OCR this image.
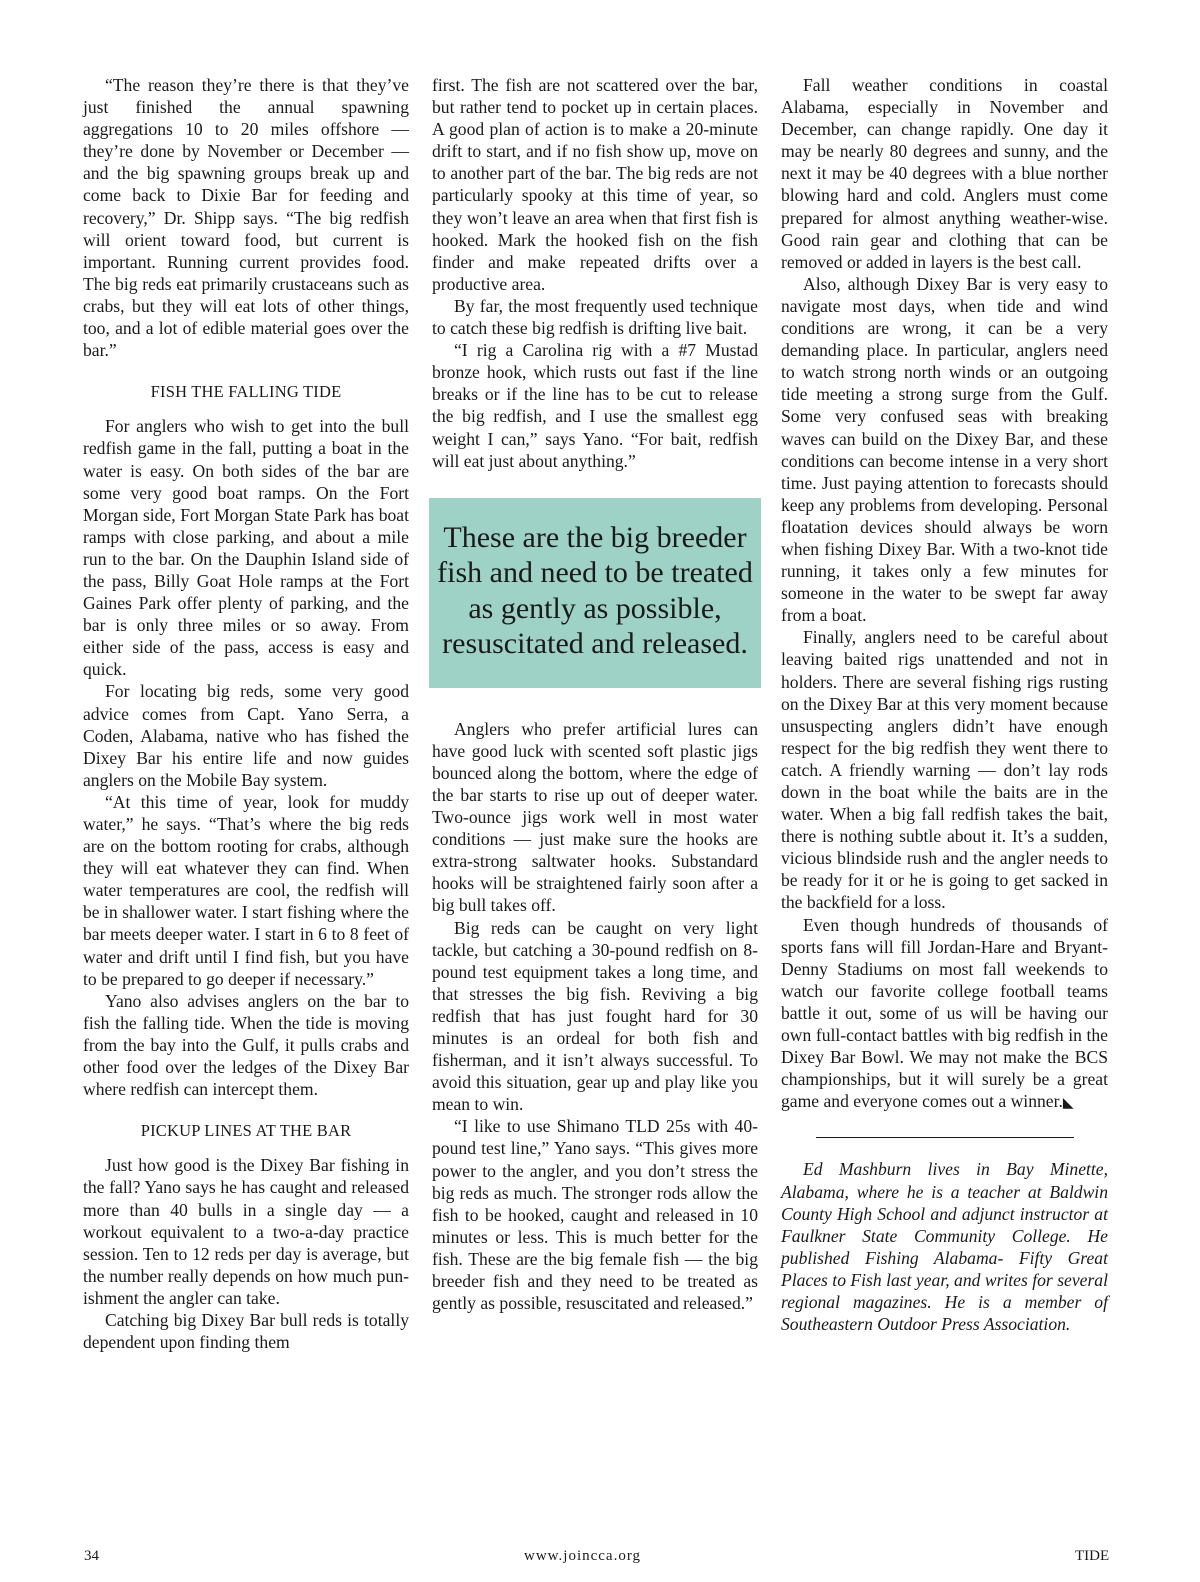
“The reason they’re there is that they’ve just finished the annual spawning aggregations 10 to 20 miles offshore — they’re done by November or December — and the big spawning groups break up and come back to Dixie Bar for feeding and recovery,” Dr. Shipp says. “The big redfish will orient toward food, but current is important. Running current provides food. The big reds eat primarily crustaceans such as crabs, but they will eat lots of other things, too, and a lot of edible material goes over the bar.”

FISH THE FALLING TIDE

For anglers who wish to get into the bull redfish game in the fall, putting a boat in the water is easy. On both sides of the bar are some very good boat ramps. On the Fort Morgan side, Fort Morgan State Park has boat ramps with close parking, and about a mile run to the bar. On the Dauphin Island side of the pass, Billy Goat Hole ramps at the Fort Gaines Park offer plenty of parking, and the bar is only three miles or so away. From either side of the pass, access is easy and quick.

For locating big reds, some very good advice comes from Capt. Yano Serra, a Coden, Alabama, native who has fished the Dixey Bar his entire life and now guides anglers on the Mobile Bay system.

“At this time of year, look for muddy water,” he says. “That’s where the big reds are on the bottom rooting for crabs, although they will eat whatever they can find. When water temperatures are cool, the redfish will be in shallower water. I start fishing where the bar meets deeper water. I start in 6 to 8 feet of water and drift until I find fish, but you have to be prepared to go deeper if necessary.”

Yano also advises anglers on the bar to fish the falling tide. When the tide is moving from the bay into the Gulf, it pulls crabs and other food over the ledges of the Dixey Bar where redfish can intercept them.

PICKUP LINES AT THE BAR

Just how good is the Dixey Bar fishing in the fall? Yano says he has caught and released more than 40 bulls in a single day — a workout equivalent to a two-a-day practice session. Ten to 12 reds per day is average, but the number really depends on how much punishment the angler can take.

Catching big Dixey Bar bull reds is totally dependent upon finding them

first. The fish are not scattered over the bar, but rather tend to pocket up in certain places. A good plan of action is to make a 20-minute drift to start, and if no fish show up, move on to another part of the bar. The big reds are not particularly spooky at this time of year, so they won’t leave an area when that first fish is hooked. Mark the hooked fish on the fish finder and make repeated drifts over a productive area.

By far, the most frequently used technique to catch these big redfish is drifting live bait.

“I rig a Carolina rig with a #7 Mustad bronze hook, which rusts out fast if the line breaks or if the line has to be cut to release the big redfish, and I use the smallest egg weight I can,” says Yano. “For bait, redfish will eat just about anything.”

These are the big breeder fish and need to be treated as gently as possible, resuscitated and released.

Anglers who prefer artificial lures can have good luck with scented soft plastic jigs bounced along the bottom, where the edge of the bar starts to rise up out of deeper water. Two-ounce jigs work well in most water conditions — just make sure the hooks are extra-strong saltwater hooks. Substandard hooks will be straightened fairly soon after a big bull takes off.

Big reds can be caught on very light tackle, but catching a 30-pound redfish on 8-pound test equipment takes a long time, and that stresses the big fish. Reviving a big redfish that has just fought hard for 30 minutes is an ordeal for both fish and fisherman, and it isn’t always successful. To avoid this situation, gear up and play like you mean to win.

“I like to use Shimano TLD 25s with 40-pound test line,” Yano says. “This gives more power to the angler, and you don’t stress the big reds as much. The stronger rods allow the fish to be hooked, caught and released in 10 minutes or less. This is much better for the fish. These are the big female fish — the big breeder fish and they need to be treated as gently as possible, resuscitated and released.”

Fall weather conditions in coastal Alabama, especially in November and December, can change rapidly. One day it may be nearly 80 degrees and sunny, and the next it may be 40 degrees with a blue norther blowing hard and cold. Anglers must come prepared for almost anything weather-wise. Good rain gear and clothing that can be removed or added in layers is the best call.

Also, although Dixey Bar is very easy to navigate most days, when tide and wind conditions are wrong, it can be a very demanding place. In particular, anglers need to watch strong north winds or an outgoing tide meeting a strong surge from the Gulf. Some very confused seas with breaking waves can build on the Dixey Bar, and these conditions can become intense in a very short time. Just paying attention to forecasts should keep any problems from developing. Personal floatation devices should always be worn when fishing Dixey Bar. With a two-knot tide running, it takes only a few minutes for someone in the water to be swept far away from a boat.

Finally, anglers need to be careful about leaving baited rigs unattended and not in holders. There are several fishing rigs rusting on the Dixey Bar at this very moment because unsuspecting anglers didn’t have enough respect for the big redfish they went there to catch. A friendly warning — don’t lay rods down in the boat while the baits are in the water. When a big fall redfish takes the bait, there is nothing subtle about it. It’s a sudden, vicious blindside rush and the angler needs to be ready for it or he is going to get sacked in the backfield for a loss.

Even though hundreds of thousands of sports fans will fill Jordan-Hare and Bryant-Denny Stadiums on most fall weekends to watch our favorite college football teams battle it out, some of us will be having our own full-contact battles with big redfish in the Dixey Bar Bowl. We may not make the BCS championships, but it will surely be a great game and everyone comes out a winner.◣

Ed Mashburn lives in Bay Minette, Alabama, where he is a teacher at Baldwin County High School and adjunct instructor at Faulkner State Community College. He published Fishing Alabama- Fifty Great Places to Fish last year, and writes for several regional magazines. He is a member of Southeastern Outdoor Press Association.

34	www.joincca.org	TIDE
